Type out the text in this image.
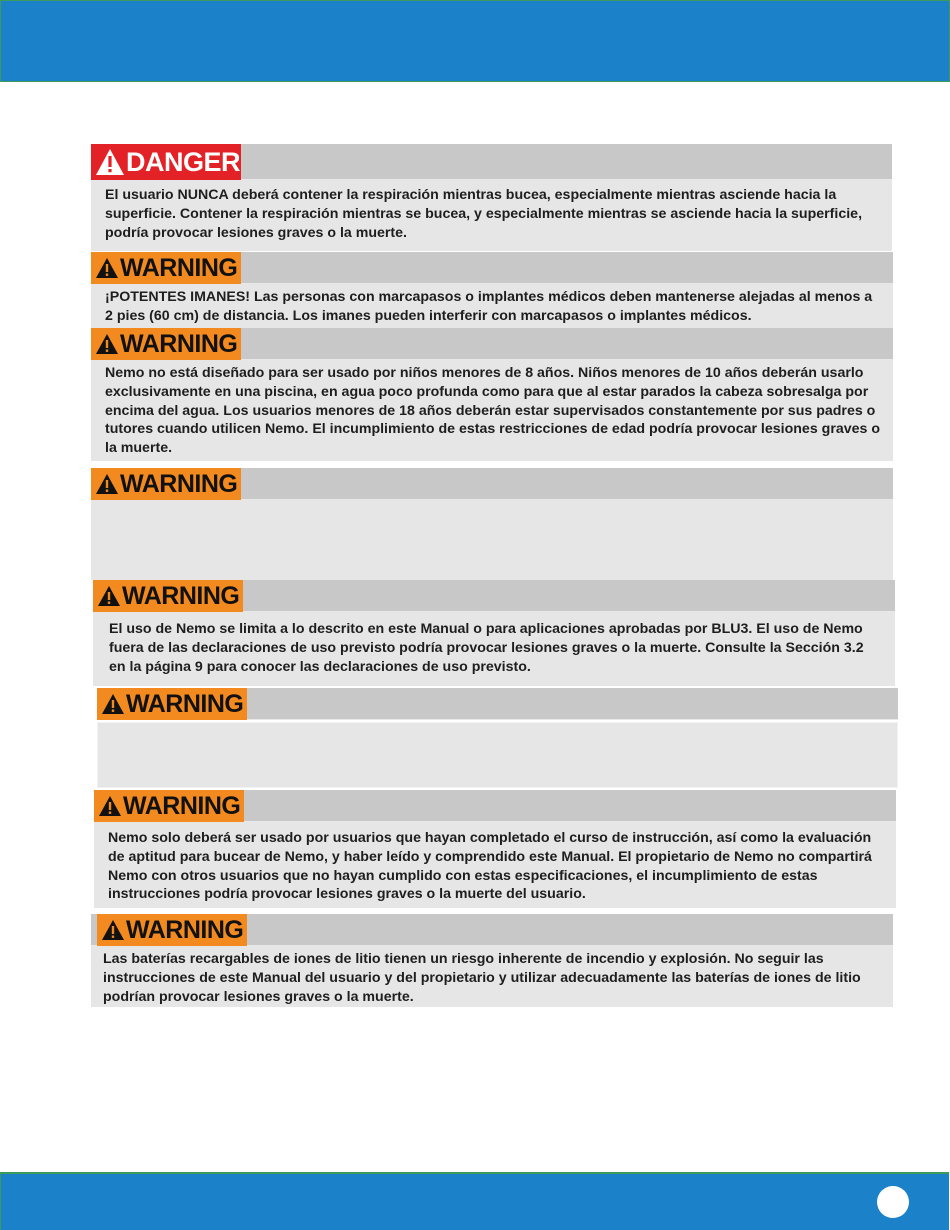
DANGER
El usuario NUNCA deberá contener la respiración mientras bucea, especialmente mientras asciende hacia la superficie. Contener la respiración mientras se bucea, y especialmente mientras se asciende hacia la superficie, podría provocar lesiones graves o la muerte.
WARNING
¡POTENTES IMANES! Las personas con marcapasos o implantes médicos deben mantenerse alejadas al menos a 2 pies (60 cm) de distancia. Los imanes pueden interferir con marcapasos o implantes médicos.
WARNING
Nemo no está diseñado para ser usado por niños menores de 8 años. Niños menores de 10 años deberán usarlo exclusivamente en una piscina, en agua poco profunda como para que al estar parados la cabeza sobresalga por encima del agua. Los usuarios menores de 18 años deberán estar supervisados constantemente por sus padres o tutores cuando utilicen Nemo. El incumplimiento de estas restricciones de edad podría provocar lesiones graves o la muerte.
WARNING
WARNING
El uso de Nemo se limita a lo descrito en este Manual o para aplicaciones aprobadas por BLU3. El uso de Nemo fuera de las declaraciones de uso previsto podría provocar lesiones graves o la muerte. Consulte la Sección 3.2 en la página 9 para conocer las declaraciones de uso previsto.
WARNING
WARNING
Nemo solo deberá ser usado por usuarios que hayan completado el curso de instrucción, así como la evaluación de aptitud para bucear de Nemo, y haber leído y comprendido este Manual. El propietario de Nemo no compartirá Nemo con otros usuarios que no hayan cumplido con estas especificaciones, el incumplimiento de estas instrucciones podría provocar lesiones graves o la muerte del usuario.
WARNING
Las baterías recargables de iones de litio tienen un riesgo inherente de incendio y explosión. No seguir las instrucciones de este Manual del usuario y del propietario y utilizar adecuadamente las baterías de iones de litio podrían provocar lesiones graves o la muerte.
